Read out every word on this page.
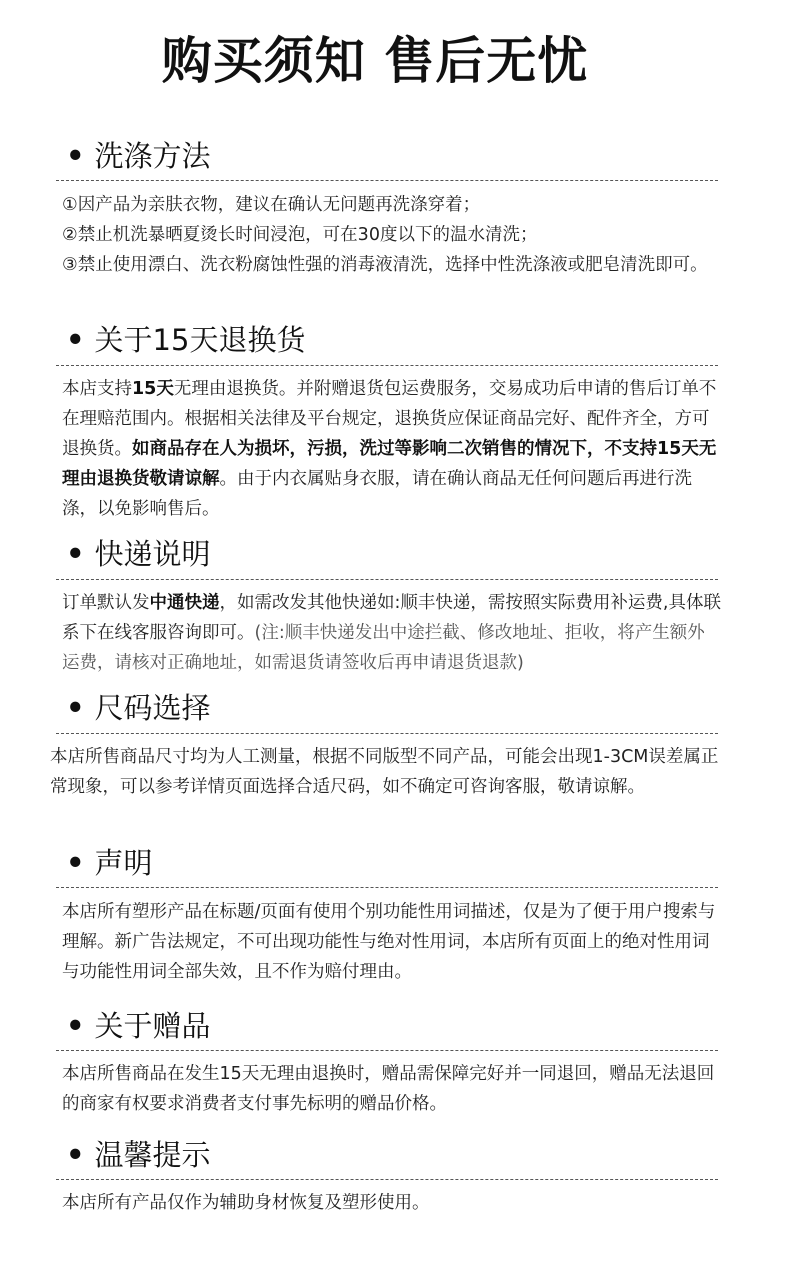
购买须知 售后无忧
• 洗涤方法

①因产品为亲肤衣物，建议在确认无问题再洗涤穿着；

②禁止机洗暴晒夏烫长时间浸泡，可在30度以下的温水清洗；

③禁止使用漂白、洗衣粉腐蚀性强的消毒液清洗，选择中性洗涤液或肥皂清洗即可。

• 关于15天退换货

本店支持15天无理由退换货。并附赠退货包运费服务，交易成功后申请的售后订单不在理赔范围内。根据相关法律及平台规定，退换货应保证商品完好、配件齐全，方可退换货。如商品存在人为损坏，污损，洗过等影响二次销售的情况下，不支持15天无理由退换货敬请谅解。由于内衣属贴身衣服，请在确认商品无任何问题后再进行洗涤，以免影响售后。

• 快递说明

订单默认发中通快递，如需改发其他快递如:顺丰快递，需按照实际费用补运费,具体联系下在线客服咨询即可。(注:顺丰快递发出中途拦截、修改地址、拒收，将产生额外运费，请核对正确地址，如需退货请签收后再申请退货退款)

• 尺码选择

本店所售商品尺寸均为人工测量，根据不同版型不同产品，可能会出现1-3CM误差属正常现象，可以参考详情页面选择合适尺码，如不确定可咨询客服，敬请谅解。

• 声明

本店所有塑形产品在标题/页面有使用个别功能性用词描述，仅是为了便于用户搜索与理解。新广告法规定，不可出现功能性与绝对性用词，本店所有页面上的绝对性用词与功能性用词全部失效，且不作为赔付理由。

• 关于赠品

本店所售商品在发生15天无理由退换时，赠品需保障完好并一同退回，赠品无法退回的商家有权要求消费者支付事先标明的赠品价格。

• 温馨提示

本店所有产品仅作为辅助身材恢复及塑形使用。
